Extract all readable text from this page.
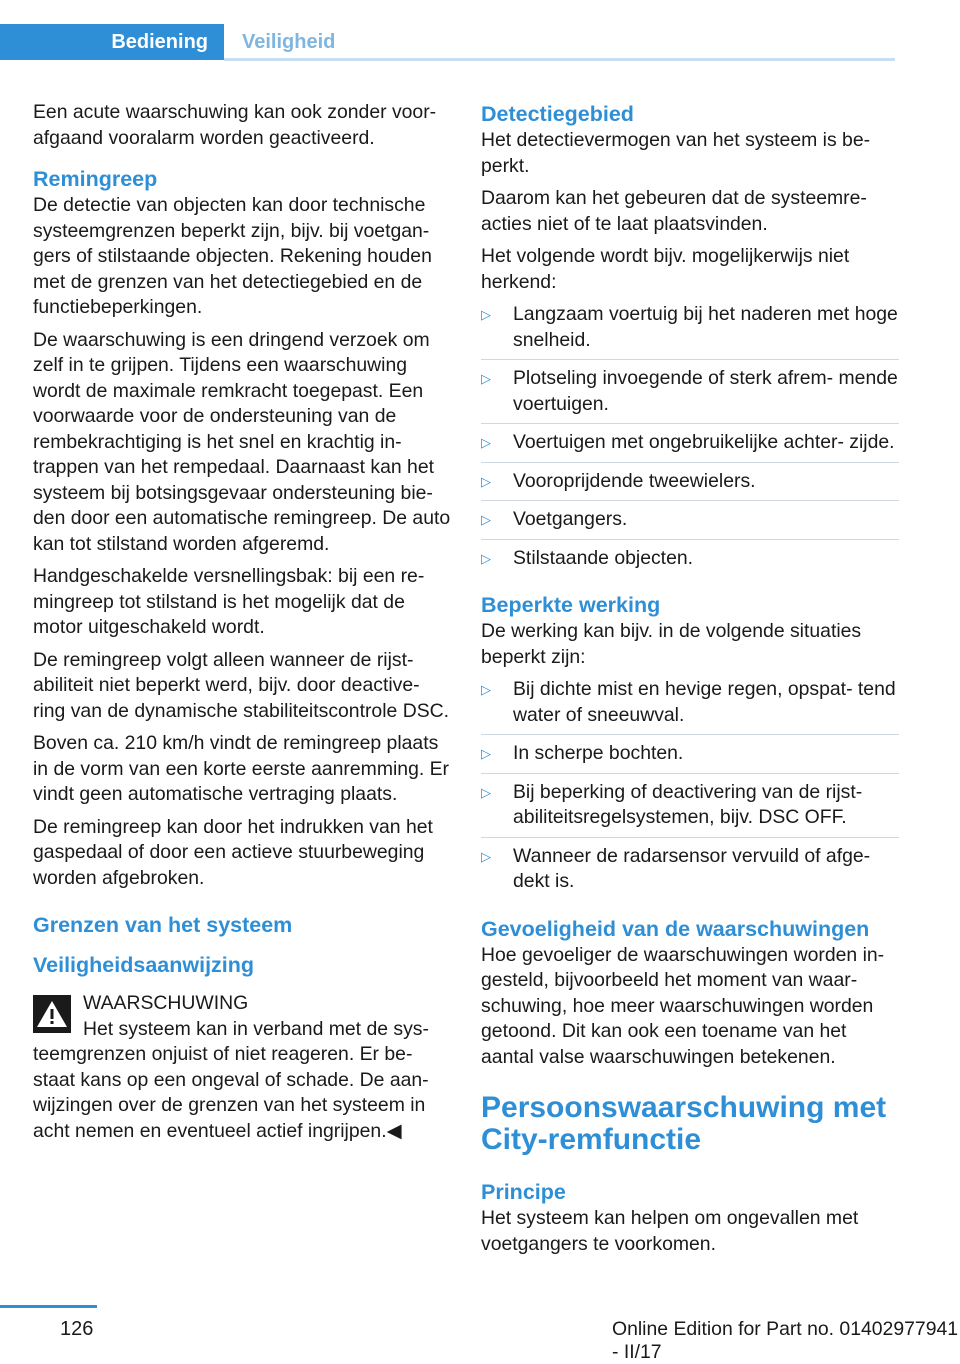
Bediening	Veiligheid

Een acute waarschuwing kan ook zonder voor‐ afgaand vooralarm worden geactiveerd.

Remingreep

De detectie van objecten kan door technische systeemgrenzen beperkt zijn, bijv. bij voetgan‐ gers of stilstaande objecten. Rekening houden met de grenzen van het detectiegebied en de functiebeperkingen.

De waarschuwing is een dringend verzoek om zelf in te grijpen. Tijdens een waarschuwing wordt de maximale remkracht toegepast. Een voorwaarde voor de ondersteuning van de rembekrachtiging is het snel en krachtig in‐ trappen van het rempedaal. Daarnaast kan het systeem bij botsingsgevaar ondersteuning bie‐ den door een automatische remingreep. De auto kan tot stilstand worden afgeremd.

Handgeschakelde versnellingsbak: bij een re‐ mingreep tot stilstand is het mogelijk dat de motor uitgeschakeld wordt.

De remingreep volgt alleen wanneer de rijst‐ abiliteit niet beperkt werd, bijv. door deactive‐ ring van de dynamische stabiliteitscontrole DSC.

Boven ca. 210 km/h vindt de remingreep plaats in de vorm van een korte eerste aanremming. Er vindt geen automatische vertraging plaats.

De remingreep kan door het indrukken van het gaspedaal of door een actieve stuurbeweging worden afgebroken.

Grenzen van het systeem
Veiligheidsaanwijzing
WAARSCHUWING
Het systeem kan in verband met de sys‐
teemgrenzen onjuist of niet reageren. Er be‐ staat kans op een ongeval of schade. De aan‐ wijzingen over de grenzen van het systeem in acht nemen en eventueel actief ingrijpen.◀
Detectiegebied

Het detectievermogen van het systeem is be‐ perkt.

Daarom kan het gebeuren dat de systeemre‐ acties niet of te laat plaatsvinden.

Het volgende wordt bijv. mogelijkerwijs niet herkend:

▷ Langzaam voertuig bij het naderen met hoge snelheid.
▷ Plotseling invoegende of sterk afrem‐ mende voertuigen.
▷ Voertuigen met ongebruikelijke achter‐ zijde.
▷ Vooroprijdende tweewielers.
▷ Voetgangers.
▷ Stilstaande objecten.
Beperkte werking

De werking kan bijv. in de volgende situaties beperkt zijn:

▷ Bij dichte mist en hevige regen, opspat‐ tend water of sneeuwval.
▷ In scherpe bochten.
▷ Bij beperking of deactivering van de rijst‐ abiliteitsregelsystemen, bijv. DSC OFF.
▷ Wanneer de radarsensor vervuild of afge‐ dekt is.
Gevoeligheid van de waarschuwingen

Hoe gevoeliger de waarschuwingen worden in‐ gesteld, bijvoorbeeld het moment van waar‐ schuwing, hoe meer waarschuwingen worden getoond. Dit kan ook een toename van het aantal valse waarschuwingen betekenen.

Persoonswaarschuwing met City-remfunctie
Principe

Het systeem kan helpen om ongevallen met voetgangers te voorkomen.

126	Online Edition for Part no. 01402977941 - II/17
